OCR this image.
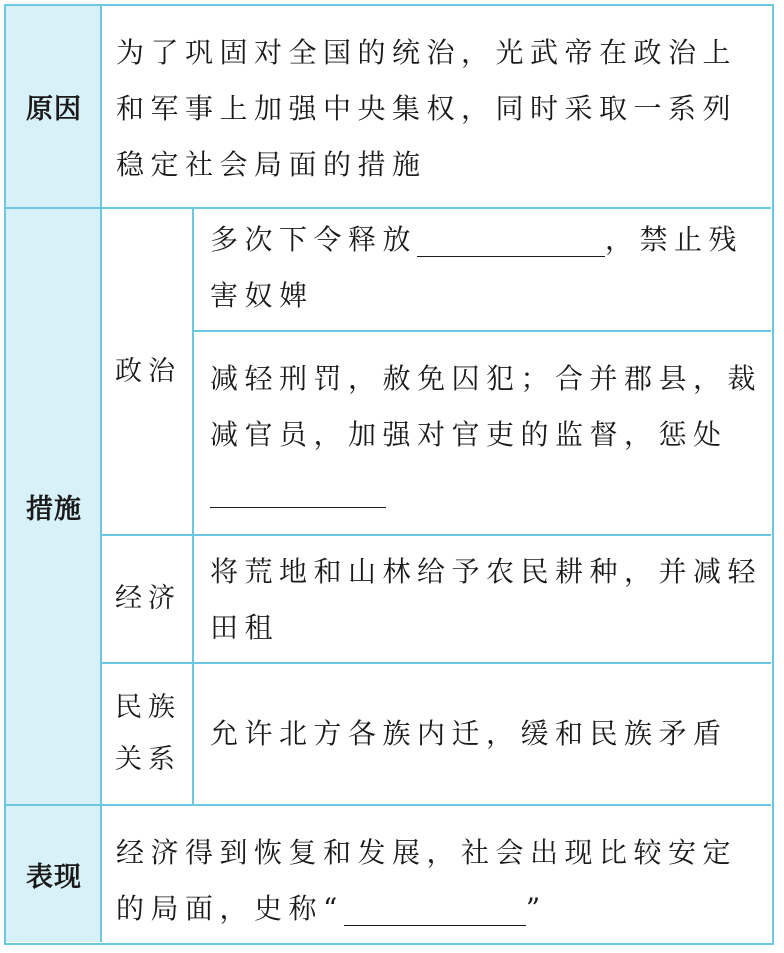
原因
措施
表现
为了巩固对全国的统治，光武帝在政治上和军事上加强中央集权，同时采取一系列稳定社会局面的措施
政治
多次下令释放	，禁止残害奴婢
减轻刑罚，赦免囚犯；合并郡县，裁减官员，加强对官吏的监督，惩处
经济
将荒地和山林给予农民耕种，并减轻田租
民族
关系
允许北方各族内迁，缓和民族矛盾
经济得到恢复和发展，社会出现比较安定的局面，史称“	”
